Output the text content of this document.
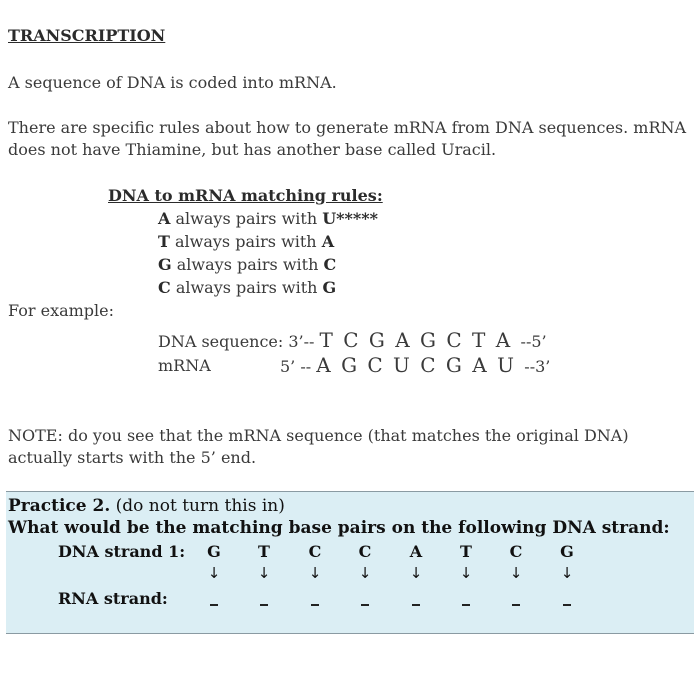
TRANSCRIPTION
A sequence of DNA is coded into mRNA.
There are specific rules about how to generate mRNA from DNA sequences. mRNA does not have Thiamine, but has another base called Uracil.
DNA to mRNA matching rules:
A always pairs with U*****
T always pairs with A
G always pairs with C
C always pairs with G
For example:
DNA sequence: 3’-- T C G A G C T A --5’
mRNA	5’ -- A G C U C G A U --3’
NOTE: do you see that the mRNA sequence (that matches the original DNA) actually starts with the 5’ end.
Practice 2. (do not turn this in)
What would be the matching base pairs on the following DNA strand:
DNA strand 1: G T C C A T C G
↓ ↓	↓ ↓	↓ ↓ ↓	↓
RNA strand:
